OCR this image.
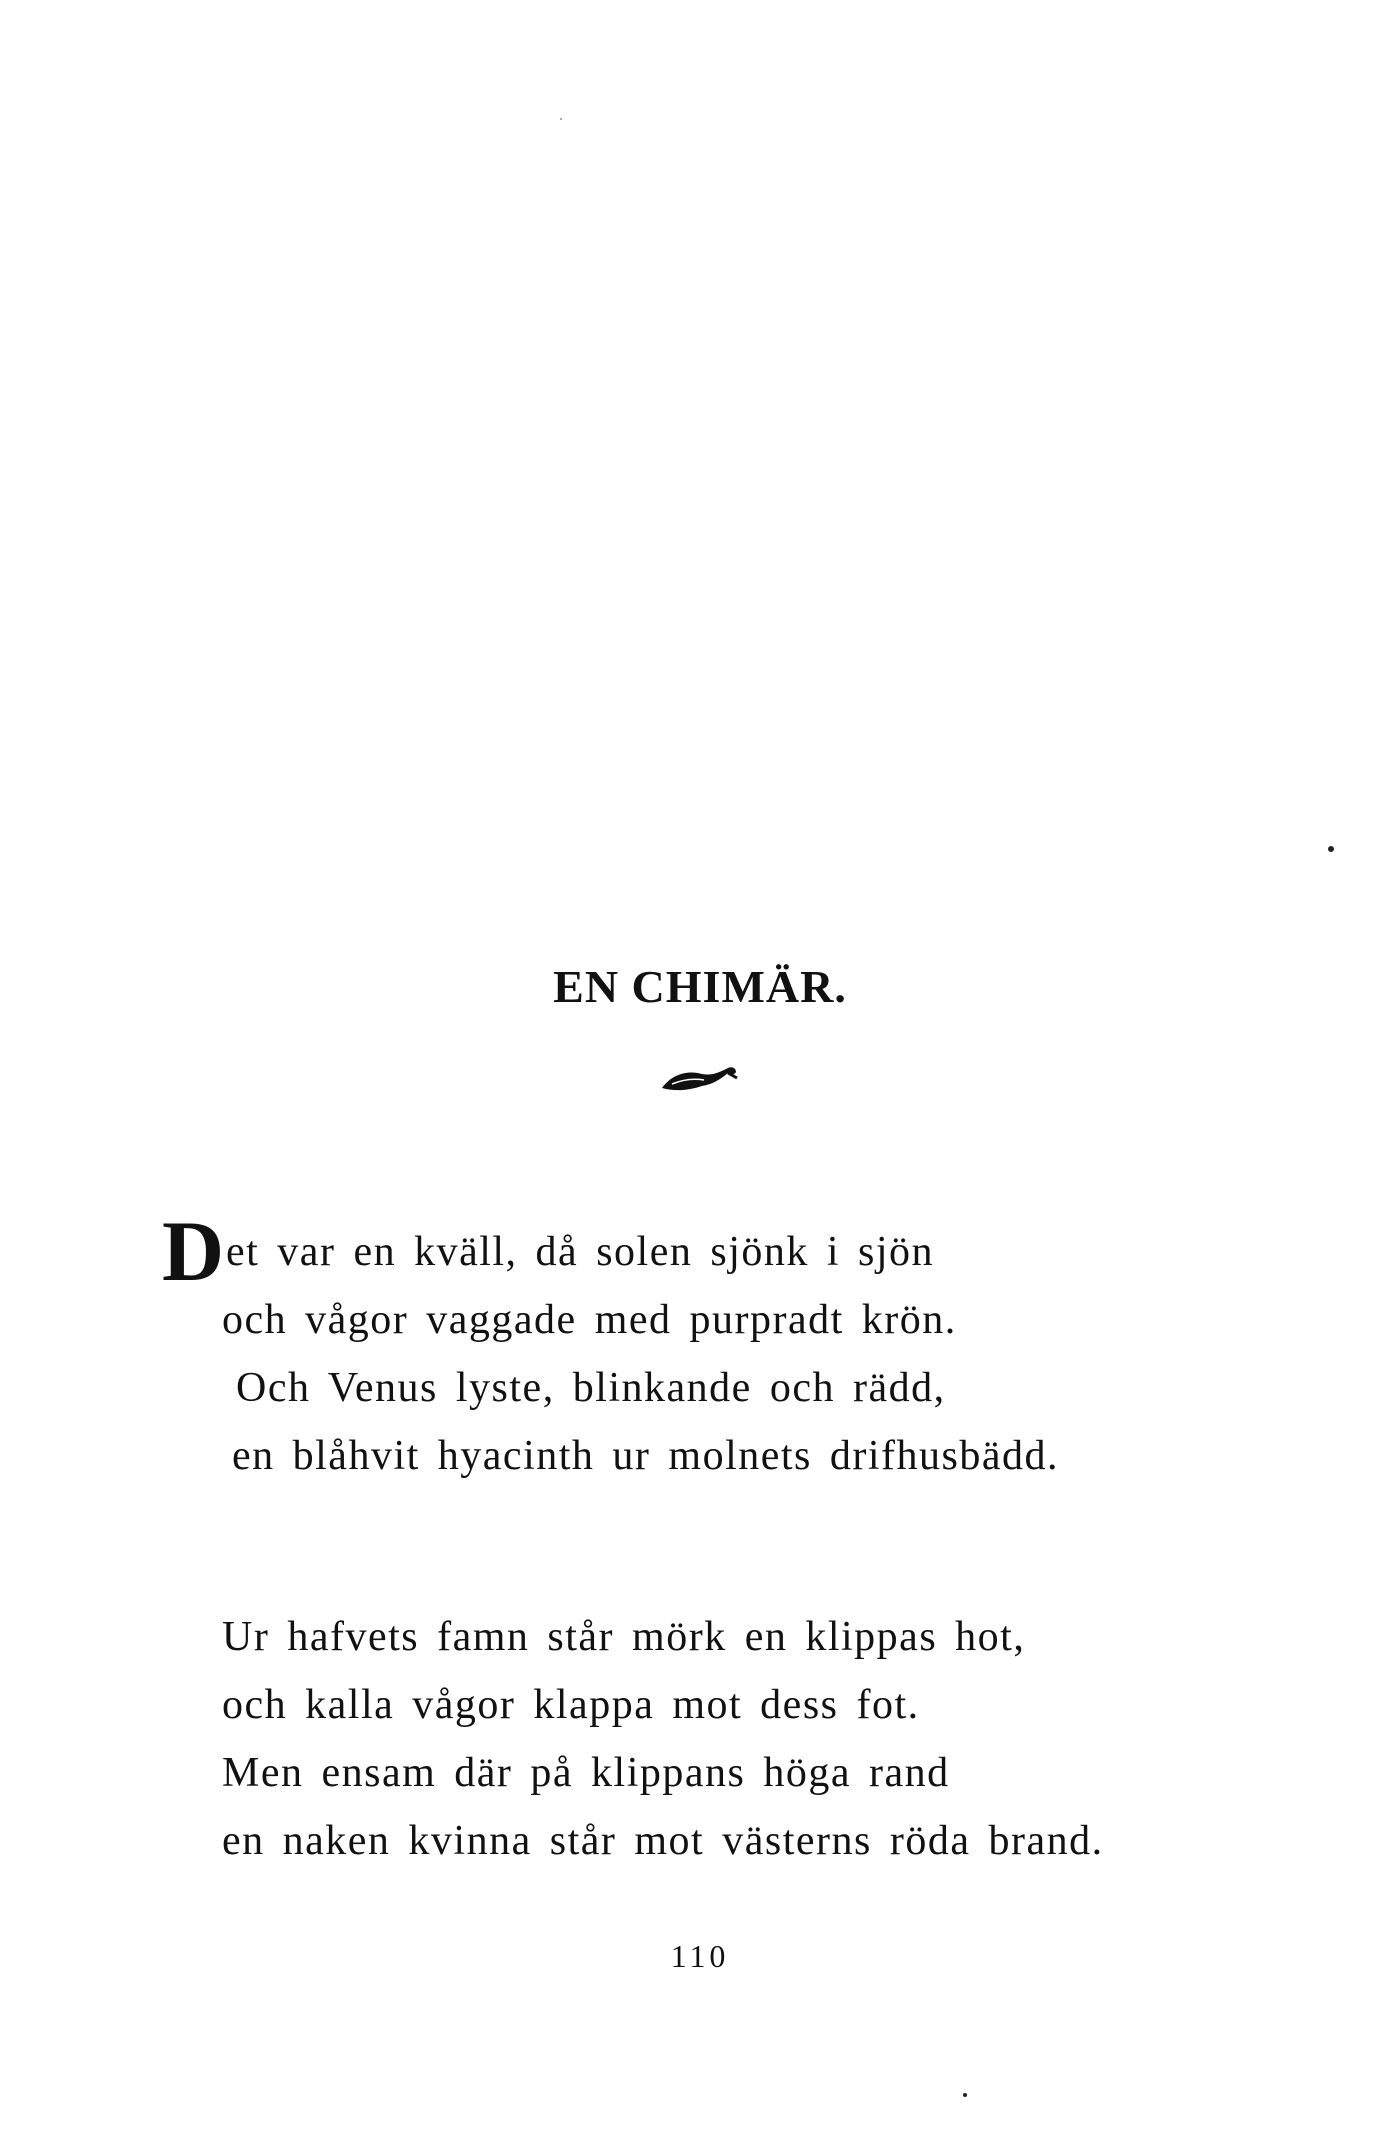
EN CHIMÄR.
D et var en kväll, då solen sjönk i sjön
och vågor vaggade med purpradt krön.
Och Venus lyste, blinkande och rädd,
en blåhvit hyacinth ur molnets drifhusbädd.
Ur hafvets famn står mörk en klippas hot,
och kalla vågor klappa mot dess fot.
Men ensam där på klippans höga rand
en naken kvinna står mot västerns röda brand.
110
